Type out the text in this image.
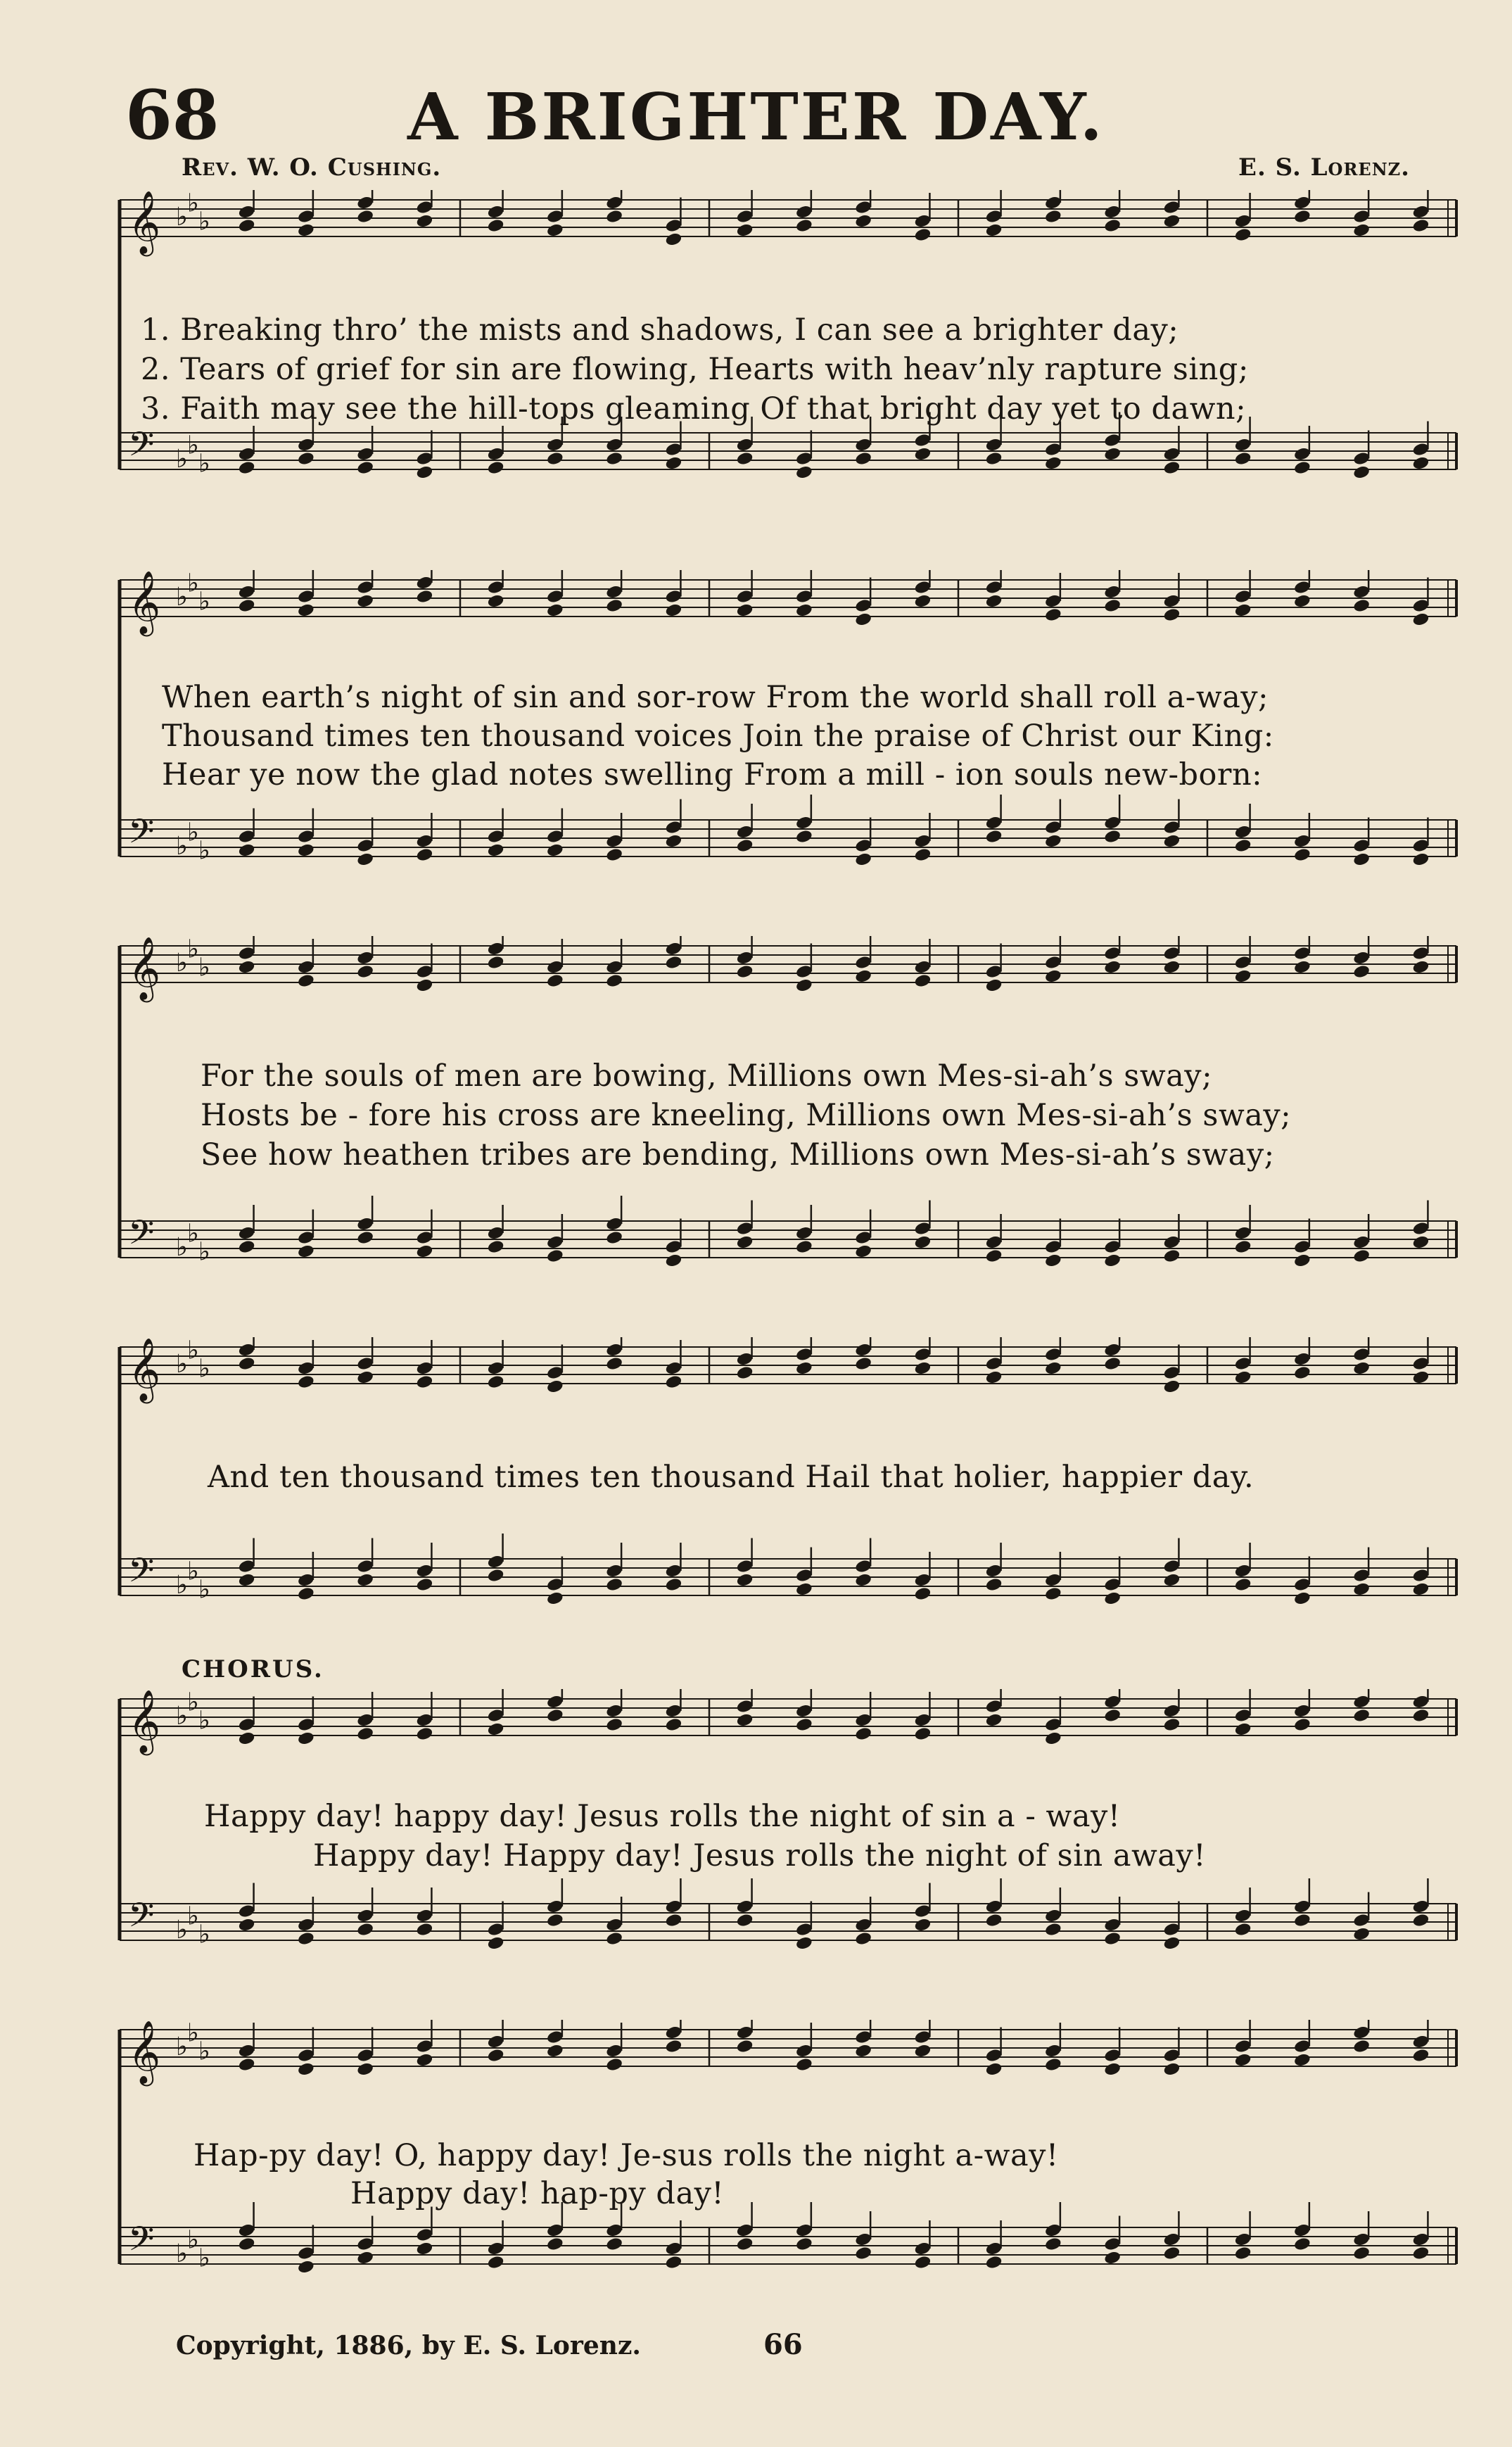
68	A BRIGHTER DAY.
Rev. W. O. Cushing.	E. S. Lorenz.
𝄞 ♭ ♭
♭
𝄢 ♭ ♭
♭
1. Breaking thro’ the mists and shadows, I can see a brighter day;
2. Tears of grief for sin are flowing, Hearts with heav’nly rapture sing;
3. Faith may see the hill-tops gleaming Of that bright day yet to dawn;
𝄞 ♭ ♭
♭
𝄢 ♭ ♭
♭
When earth’s night of sin and sor-row From the world shall roll a-way;
Thousand times ten thousand voices Join the praise of Christ our King:
Hear ye now the glad notes swelling From a mill - ion souls new-born:
𝄞 ♭ ♭
♭
𝄢 ♭ ♭
♭
For the souls of men are bowing, Millions own Mes-si-ah’s sway;
Hosts be - fore his cross are kneeling, Millions own Mes-si-ah’s sway;
See how heathen tribes are bending, Millions own Mes-si-ah’s sway;
𝄞 ♭ ♭
♭
𝄢 ♭ ♭
♭
And ten thousand times ten thousand Hail that holier, happier day.
CHORUS.
𝄞 ♭ ♭
♭
𝄢 ♭ ♭
♭
Happy day! happy day! Jesus rolls the night of sin a - way!
Happy day! Happy day! Jesus rolls the night of sin away!
𝄞 ♭ ♭
♭
𝄢 ♭ ♭
♭
Hap-py day! O, happy day! Je-sus rolls the night a-way!
Happy day! hap-py day!
Copyright, 1886, by E. S. Lorenz.	66
